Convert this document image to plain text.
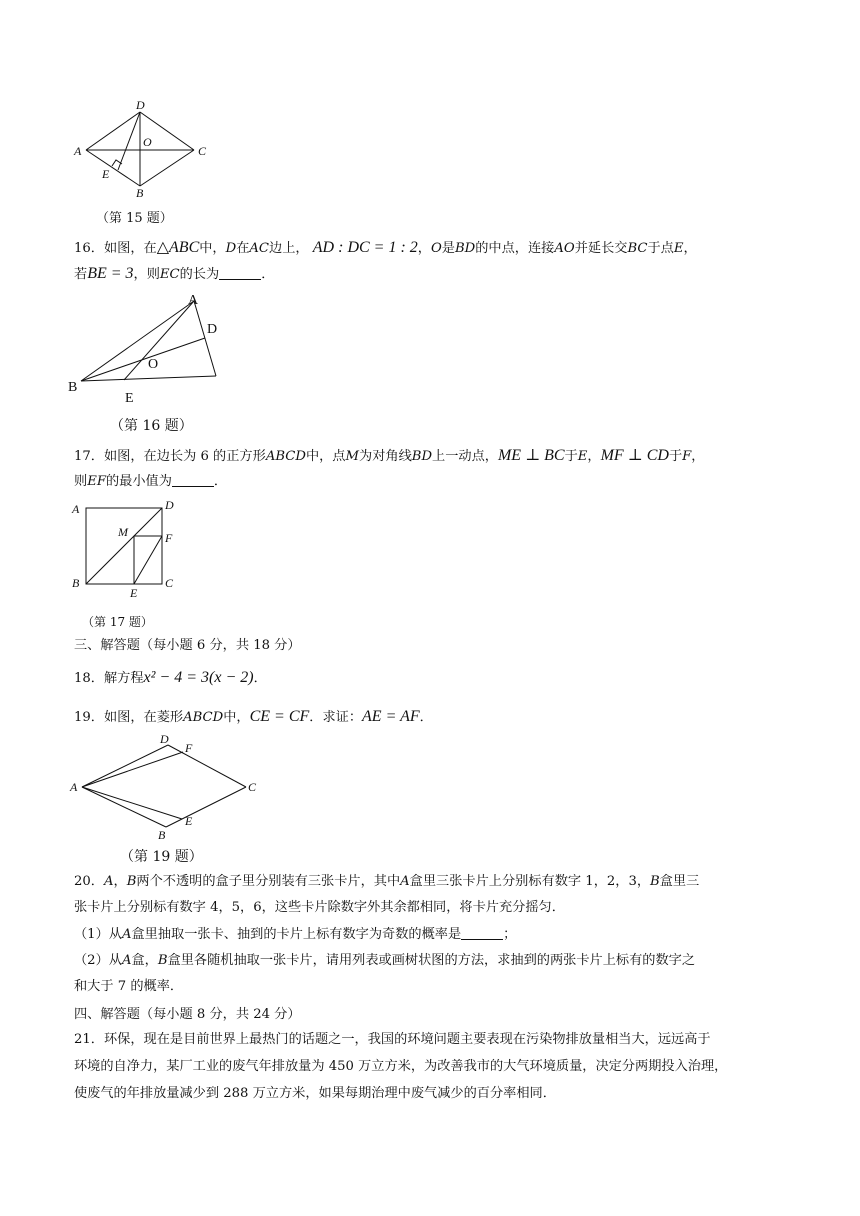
A
D
C
B
O
E
（第 15 题）
16．如图，在△ABC中，D在AC边上， AD : DC = 1 : 2，O是BD的中点，连接AO并延长交BC于点E，
若BE = 3，则EC的长为	．
A
D
O
B
E
（第 16 题）
17．如图，在边长为 6 的正方形ABCD中，点M为对角线BD上一动点，ME ⊥ BC于E，MF ⊥ CD于F，
则EF的最小值为	．
A	D
M	F
B	C
E
（第 17 题）
三、解答题（每小题 6 分，共 18 分）
18．解方程x² − 4 = 3(x − 2)．
19．如图，在菱形ABCD中，CE = CF．求证：AE = AF．
A
D
F
C
E
B
（第 19 题）
20．A，B两个不透明的盒子里分别装有三张卡片，其中A盒里三张卡片上分别标有数字 1，2，3，B盒里三
张卡片上分别标有数字 4，5，6，这些卡片除数字外其余都相同，将卡片充分摇匀．
（1）从A盒里抽取一张卡、抽到的卡片上标有数字为奇数的概率是	；
（2）从A盒，B盒里各随机抽取一张卡片，请用列表或画树状图的方法，求抽到的两张卡片上标有的数字之
和大于 7 的概率．
四、解答题（每小题 8 分，共 24 分）
21．环保，现在是目前世界上最热门的话题之一，我国的环境问题主要表现在污染物排放量相当大，远远高于
环境的自净力，某厂工业的废气年排放量为 450 万立方米，为改善我市的大气环境质量，决定分两期投入治理，
使废气的年排放量减少到 288 万立方米，如果每期治理中废气减少的百分率相同．
